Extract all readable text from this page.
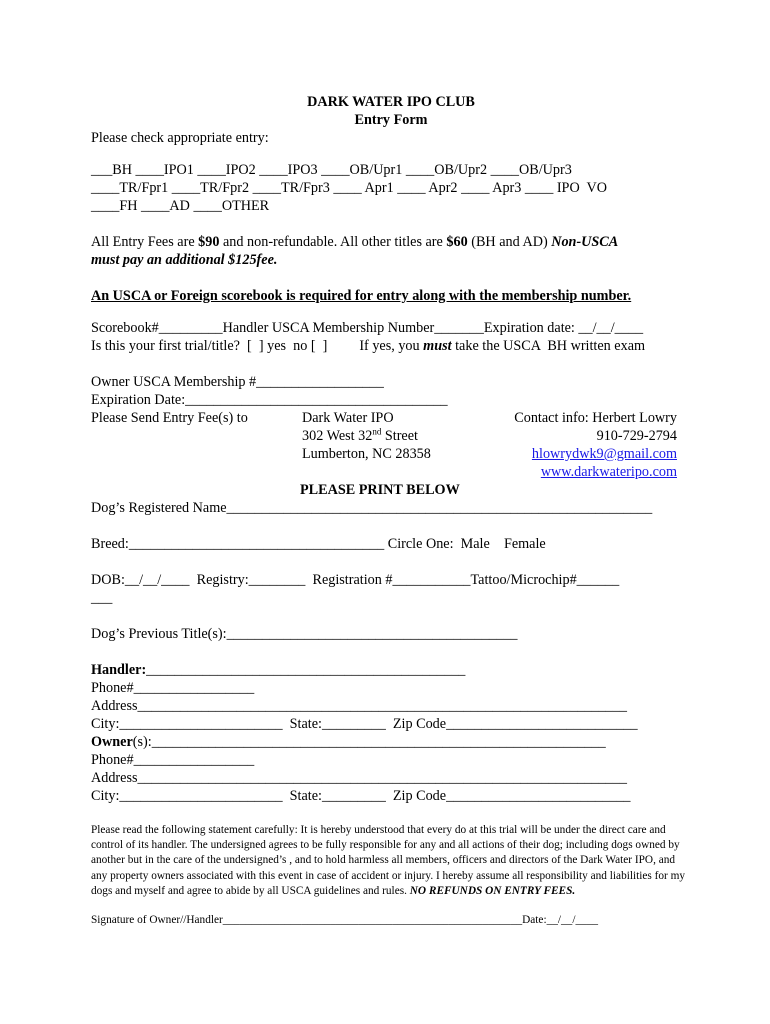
DARK WATER IPO CLUB
Entry Form
Please check appropriate entry:
___BH ____IPO1 ____IPO2 ____IPO3 ____OB/Upr1 ____OB/Upr2 ____OB/Upr3
____TR/Fpr1 ____TR/Fpr2 ____TR/Fpr3 ____ Apr1 ____ Apr2 ____ Apr3 ____ IPO  VO
____FH ____AD ____OTHER
All Entry Fees are $90 and non-refundable. All other titles are $60 (BH and AD) Non-USCA
must pay an additional $125fee.
An USCA or Foreign scorebook is required for entry along with the membership number.
Scorebook#_________Handler USCA Membership Number_______Expiration date: __/__/____
Is this your first trial/title?  [  ] yes  no [  ]         If yes, you must take the USCA  BH written exam
Owner USCA Membership #__________________
Expiration Date:_____________________________________
Please Send Entry Fee(s) to	Dark Water IPO
302 West 32nd Street
Lumberton, NC 28358
Contact info: Herbert Lowry
910-729-2794
hlowrydwk9@gmail.com
www.darkwateripo.com
PLEASE PRINT BELOW
Dog’s Registered Name____________________________________________________________
Breed:____________________________________ Circle One:  Male    Female
DOB:__/__/____  Registry:________  Registration #___________Tattoo/Microchip#______
___
Dog’s Previous Title(s):_________________________________________
Handler:_____________________________________________
Phone#_________________
Address_____________________________________________________________________
City:_______________________  State:_________  Zip Code___________________________
Owner(s):________________________________________________________________
Phone#_________________
Address_____________________________________________________________________
City:_______________________  State:_________  Zip Code__________________________
Please read the following statement carefully: It is hereby understood that every do at this trial will be under the direct care and control of its handler. The undersigned agrees to be fully responsible for any and all actions of their dog; including dogs owned by another but in the care of the undersigned’s , and to hold harmless all members, officers and directors of the Dark Water IPO, and any property owners associated with this event in case of accident or injury. I hereby assume all responsibility and liabilities for my dogs and myself and agree to abide by all USCA guidelines and rules. NO REFUNDS ON ENTRY FEES.
Signature of Owner//Handler_____________________________________________________Date:__/__/____
